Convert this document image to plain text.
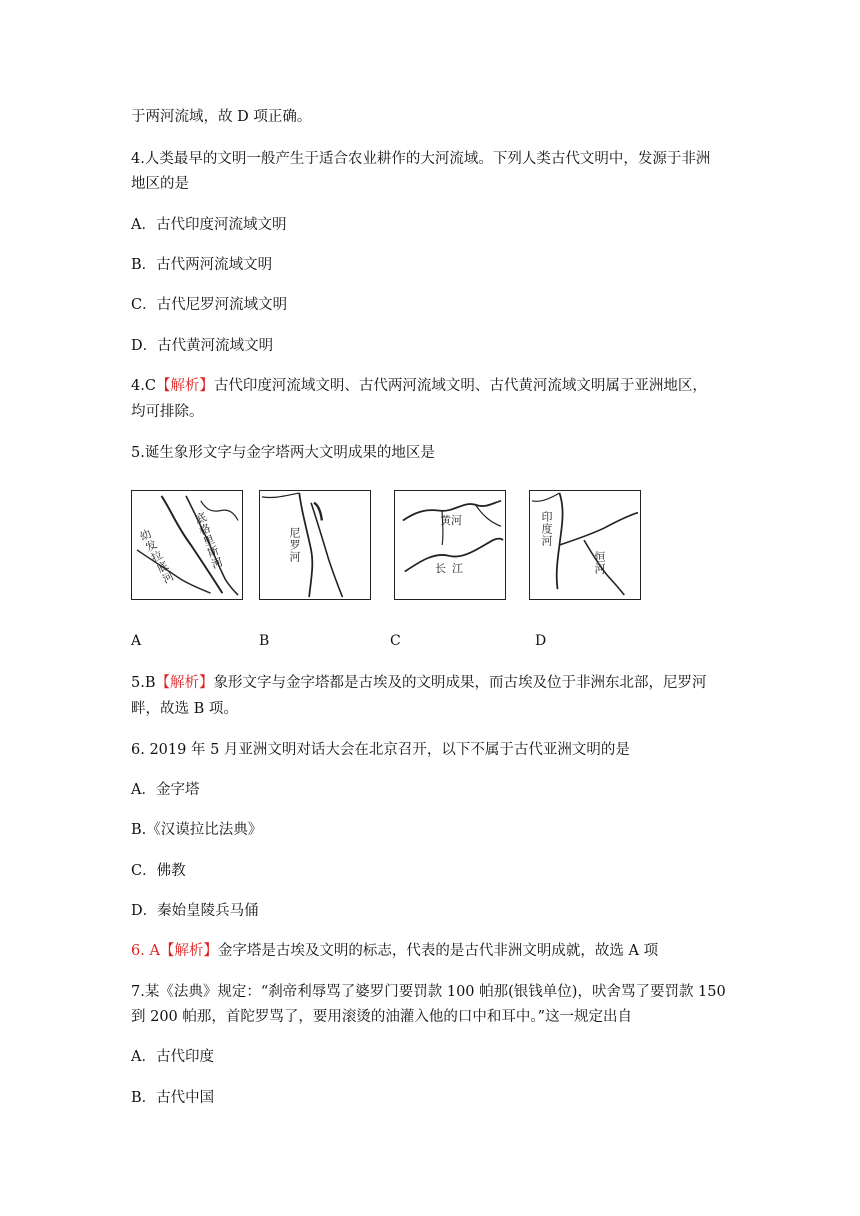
于两河流域，故 D 项正确。
4.人类最早的文明一般产生于适合农业耕作的大河流域。下列人类古代文明中，发源于非洲
地区的是
A．古代印度河流域文明
B．古代两河流域文明
C．古代尼罗河流域文明
D．古代黄河流域文明
4.C【解析】古代印度河流域文明、古代两河流域文明、古代黄河流域文明属于亚洲地区，
均可排除。
5.诞生象形文字与金字塔两大文明成果的地区是
幼发拉底河 底格里斯河	尼罗河
黄河
长江
印度河
恒河
A	B	C	D
5.B【解析】象形文字与金字塔都是古埃及的文明成果，而古埃及位于非洲东北部，尼罗河
畔，故选 B 项。
6. 2019 年 5 月亚洲文明对话大会在北京召开，以下不属于古代亚洲文明的是
A．金字塔
B.《汉谟拉比法典》
C．佛教
D．秦始皇陵兵马俑
6. A【解析】金字塔是古埃及文明的标志，代表的是古代非洲文明成就，故选 A 项
7.某《法典》规定：“刹帝利辱骂了婆罗门要罚款 100 帕那(银钱单位)，吠舍骂了要罚款 150
到 200 帕那，首陀罗骂了，要用滚烫的油灌入他的口中和耳中。”这一规定出自
A．古代印度
B．古代中国
